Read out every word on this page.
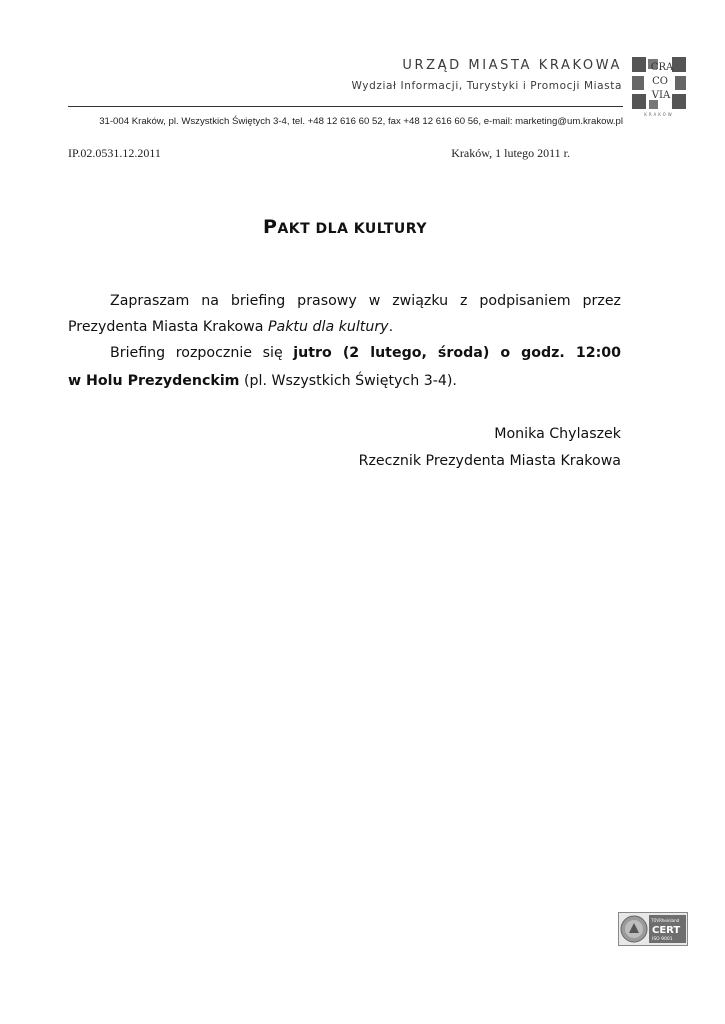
URZĄD MIASTA KRAKOWA
Wydział Informacji, Turystyki i Promocji Miasta
CRA
CO
VIA
KRAKÓW
31-004 Kraków, pl. Wszystkich Świętych 3-4, tel. +48 12 616 60 52, fax +48 12 616 60 56, e-mail: marketing@um.krakow.pl
IP.02.0531.12.2011	Kraków, 1 lutego 2011 r.
PAKT DLA KULTURY
Zapraszam na briefing prasowy w związku z podpisaniem przez
Prezydenta Miasta Krakowa Paktu dla kultury.
Briefing rozpocznie się jutro (2 lutego, środa) o godz. 12:00
w Holu Prezydenckim (pl. Wszystkich Świętych 3-4).
Monika Chylaszek
Rzecznik Prezydenta Miasta Krakowa
TÜVRheinland
CERT
ISO 9001
